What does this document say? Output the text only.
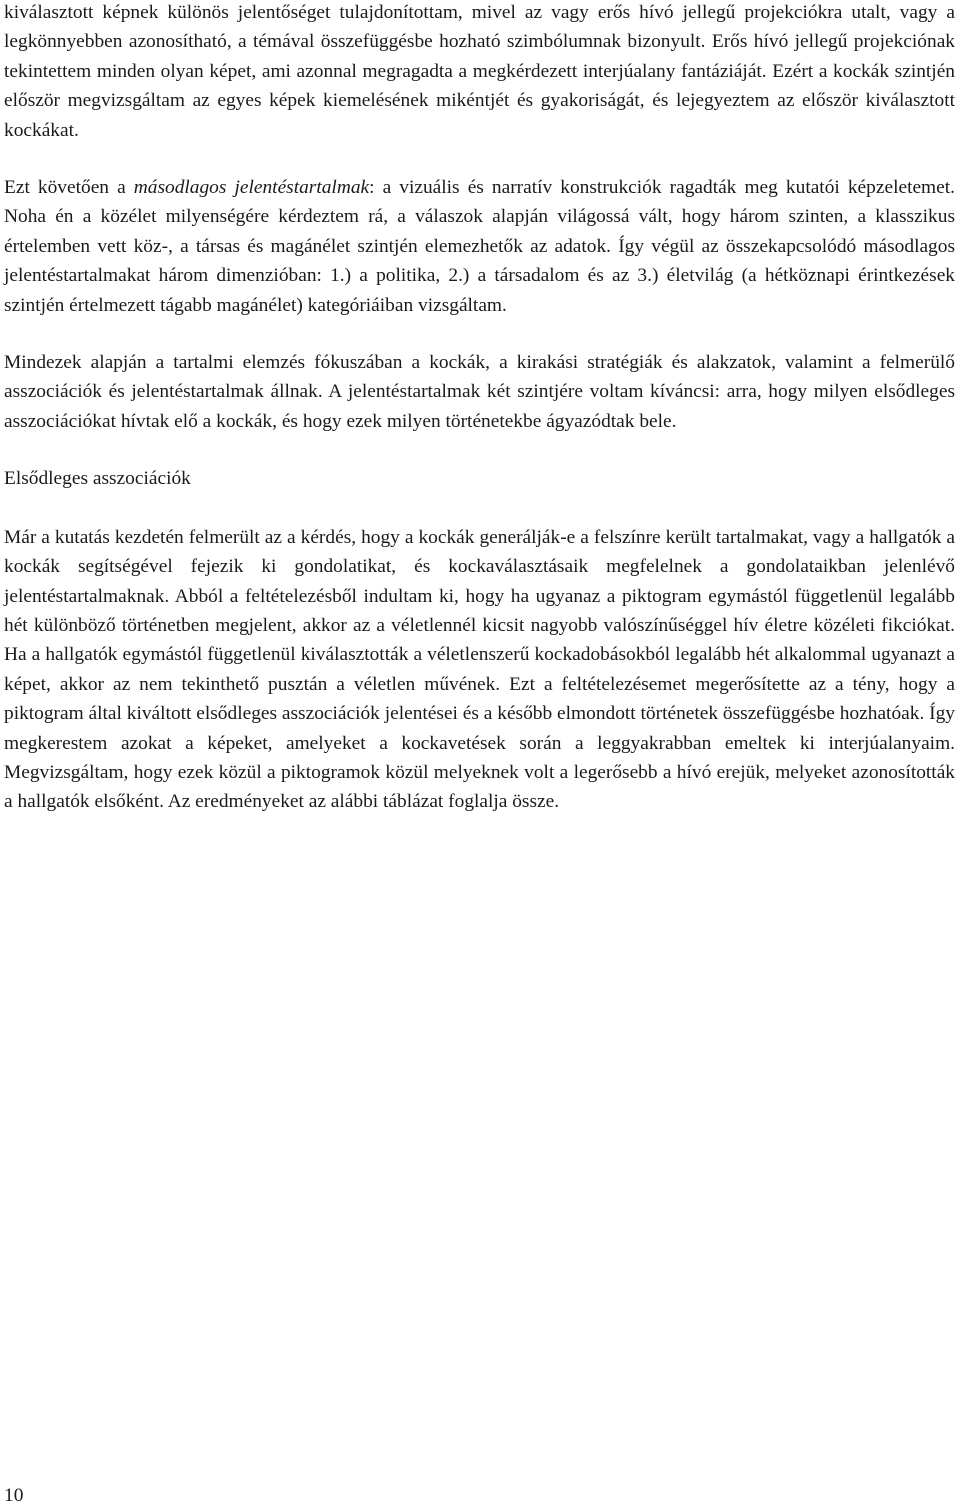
kiválasztott képnek különös jelentőséget tulajdonítottam, mivel az vagy erős hívó jellegű projekciókra utalt, vagy a legkönnyebben azonosítható, a témával összefüggésbe hozható szimbólumnak bizonyult. Erős hívó jellegű projekciónak tekintettem minden olyan képet, ami azonnal megragadta a megkérdezett interjúalany fantáziáját. Ezért a kockák szintjén először megvizsgáltam az egyes képek kiemelésének mikéntjét és gyakoriságát, és lejegyeztem az először kiválasztott kockákat.

Ezt követően a másodlagos jelentéstartalmak: a vizuális és narratív konstrukciók ragadták meg kutatói képzeletemet. Noha én a közélet milyenségére kérdeztem rá, a válaszok alapján világossá vált, hogy három szinten, a klasszikus értelemben vett köz-, a társas és magánélet szintjén elemezhetők az adatok. Így végül az összekapcsolódó másodlagos jelentéstartalmakat három dimenzióban: 1.) a politika, 2.) a társadalom és az 3.) életvilág (a hétköznapi érintkezések szintjén értelmezett tágabb magánélet) kategóriáiban vizsgáltam.

Mindezek alapján a tartalmi elemzés fókuszában a kockák, a kirakási stratégiák és alakzatok, valamint a felmerülő asszociációk és jelentéstartalmak állnak. A jelentéstartalmak két szintjére voltam kíváncsi: arra, hogy milyen elsődleges asszociációkat hívtak elő a kockák, és hogy ezek milyen történetekbe ágyazódtak bele.

Elsődleges asszociációk

Már a kutatás kezdetén felmerült az a kérdés, hogy a kockák generálják-e a felszínre került tartalmakat, vagy a hallgatók a kockák segítségével fejezik ki gondolatikat, és kockaválasztásaik megfelelnek a gondolataikban jelenlévő jelentéstartalmaknak. Abból a feltételezésből indultam ki, hogy ha ugyanaz a piktogram egymástól függetlenül legalább hét különböző történetben megjelent, akkor az a véletlennél kicsit nagyobb valószínűséggel hív életre közéleti fikciókat. Ha a hallgatók egymástól függetlenül kiválasztották a véletlenszerű kockadobásokból legalább hét alkalommal ugyanazt a képet, akkor az nem tekinthető pusztán a véletlen művének. Ezt a feltételezésemet megerősítette az a tény, hogy a piktogram által kiváltott elsődleges asszociációk jelentései és a később elmondott történetek összefüggésbe hozhatóak. Így megkerestem azokat a képeket, amelyeket a kockavetések során a leggyakrabban emeltek ki interjúalanyaim. Megvizsgáltam, hogy ezek közül a piktogramok közül melyeknek volt a legerősebb a hívó erejük, melyeket azonosították a hallgatók elsőként. Az eredményeket az alábbi táblázat foglalja össze.

10
